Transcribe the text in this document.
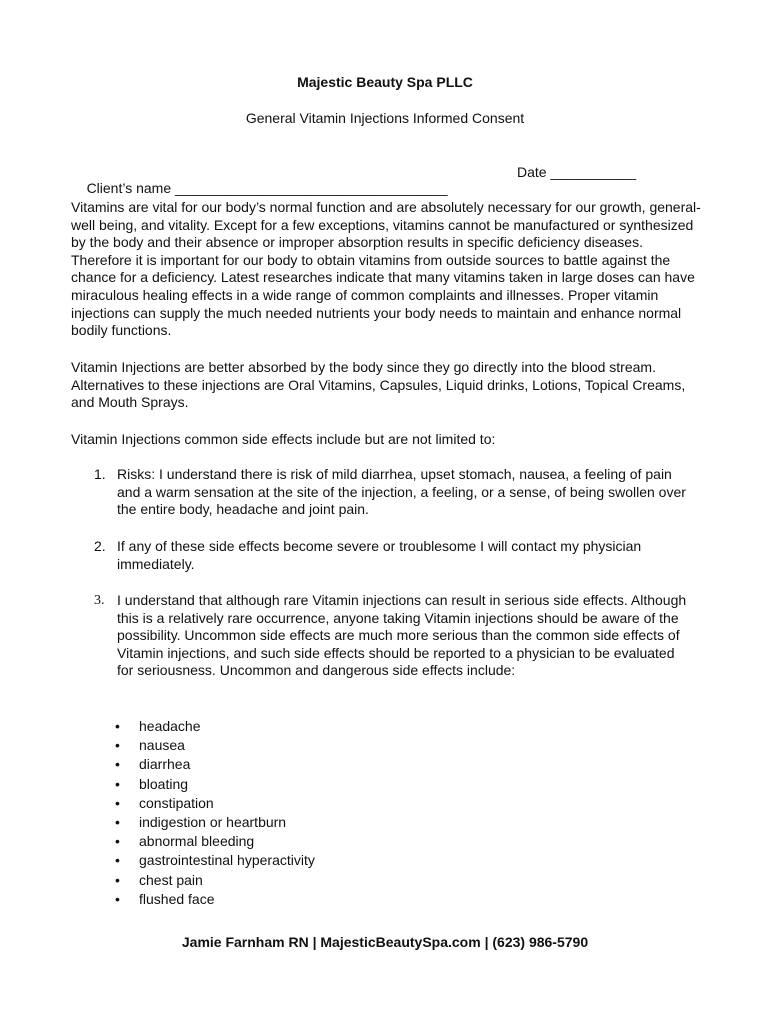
Majestic Beauty Spa PLLC
General Vitamin Injections Informed Consent

Client’s name ___________________________________

Date ___________

Vitamins are vital for our body’s normal function and are absolutely necessary for our growth, general-well being, and vitality. Except for a few exceptions, vitamins cannot be manufactured or synthesized by the body and their absence or improper absorption results in specific deficiency diseases. Therefore it is important for our body to obtain vitamins from outside sources to battle against the chance for a deficiency. Latest researches indicate that many vitamins taken in large doses can have miraculous healing effects in a wide range of common complaints and illnesses. Proper vitamin injections can supply the much needed nutrients your body needs to maintain and enhance normal bodily functions.

Vitamin Injections are better absorbed by the body since they go directly into the blood stream. Alternatives to these injections are Oral Vitamins, Capsules, Liquid drinks, Lotions, Topical Creams, and Mouth Sprays.

Vitamin Injections common side effects include but are not limited to:

1. Risks: I understand there is risk of mild diarrhea, upset stomach, nausea, a feeling of pain and a warm sensation at the site of the injection, a feeling, or a sense, of being swollen over the entire body, headache and joint pain.
2. If any of these side effects become severe or troublesome I will contact my physician immediately.
3. I understand that although rare Vitamin injections can result in serious side effects. Although this is a relatively rare occurrence, anyone taking Vitamin injections should be aware of the possibility. Uncommon side effects are much more serious than the common side effects of Vitamin injections, and such side effects should be reported to a physician to be evaluated for seriousness. Uncommon and dangerous side effects include:
• headache
• nausea
• diarrhea
• bloating
• constipation
• indigestion or heartburn
• abnormal bleeding
• gastrointestinal hyperactivity
• chest pain
• flushed face
Jamie Farnham RN | MajesticBeautySpa.com | (623) 986-5790
